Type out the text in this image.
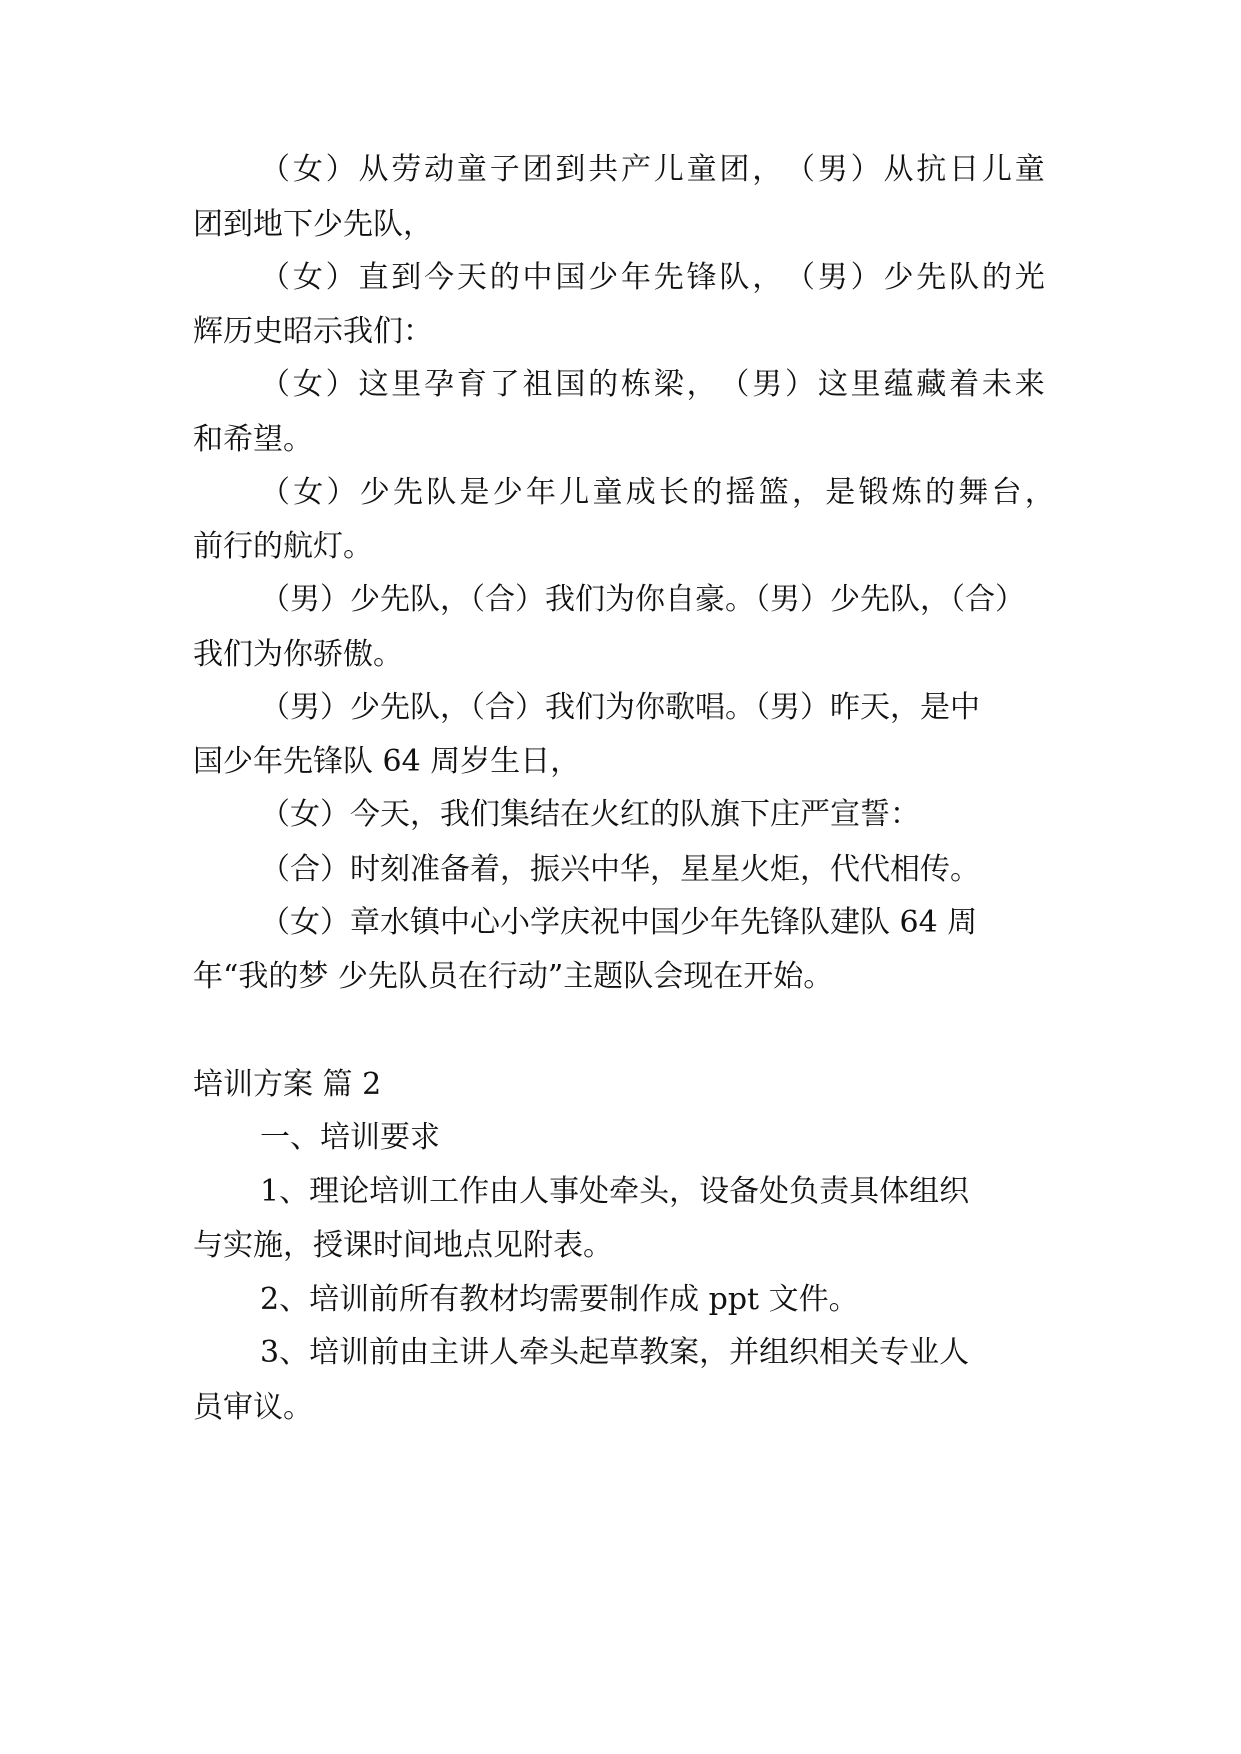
（ 女 ） 从 劳 动 童 子 团 到 共 产 儿 童 团 ， （ 男 ） 从 抗 日 儿 童
团到地下少先队，
（ 女 ） 直 到 今 天 的 中 国 少 年 先 锋 队 ， （ 男 ） 少 先 队 的 光
辉历史昭示我们：
（ 女 ） 这 里 孕 育 了 祖 国 的 栋 梁 ， （ 男 ） 这 里 蕴 藏 着 未 来
和希望。
（ 女 ） 少 先 队 是 少 年 儿 童 成 长 的 摇 篮 ， 是 锻 炼 的 舞 台 ，
前行的航灯。
（男）少先队，（合）我们为你自豪。（男）少先队，（合）
我们为你骄傲。
（男）少先队，（合）我们为你歌唱。（男）昨天，是中
国少年先锋队 64 周岁生日，
（女）今天，我们集结在火红的队旗下庄严宣誓：
（合）时刻准备着，振兴中华，星星火炬，代代相传。
（女）章水镇中心小学庆祝中国少年先锋队建队 64 周
年“我的梦 少先队员在行动”主题队会现在开始。
培训方案 篇 2
一、培训要求
1、理论培训工作由人事处牵头，设备处负责具体组织
与实施，授课时间地点见附表。
2、培训前所有教材均需要制作成 ppt 文件。
3、培训前由主讲人牵头起草教案，并组织相关专业人
员审议。
